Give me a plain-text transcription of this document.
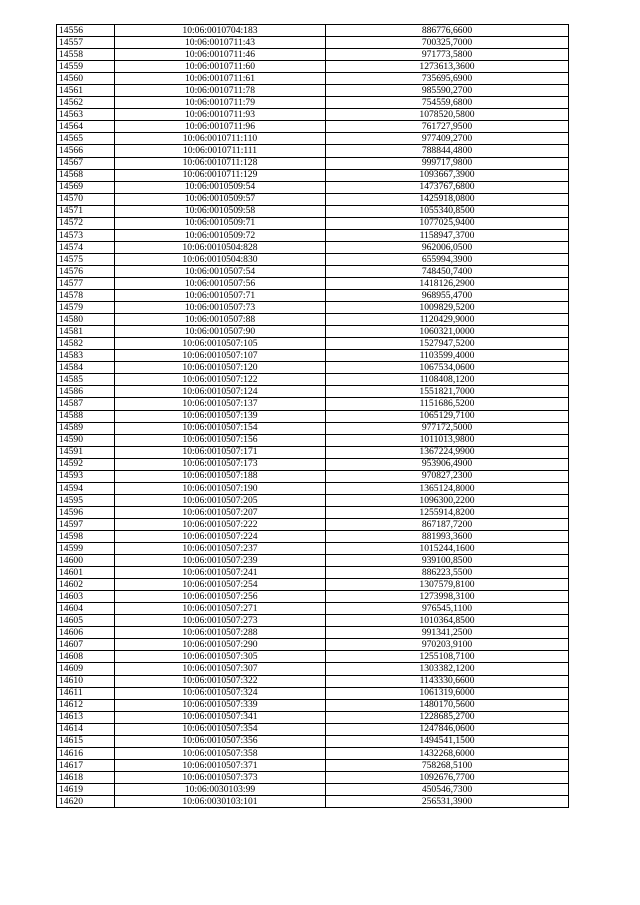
14556	10:06:0010704:183	886776,6600
14557	10:06:0010711:43	700325,7000
14558	10:06:0010711:46	971773,5800
14559	10:06:0010711:60	1273613,3600
14560	10:06:0010711:61	735695,6900
14561	10:06:0010711:78	985590,2700
14562	10:06:0010711:79	754559,6800
14563	10:06:0010711:93	1078520,5800
14564	10:06:0010711:96	761727,9500
14565	10:06:0010711:110	977409,2700
14566	10:06:0010711:111	788844,4800
14567	10:06:0010711:128	999717,9800
14568	10:06:0010711:129	1093667,3900
14569	10:06:0010509:54	1473767,6800
14570	10:06:0010509:57	1425918,0800
14571	10:06:0010509:58	1055340,8500
14572	10:06:0010509:71	1077025,9400
14573	10:06:0010509:72	1158947,3700
14574	10:06:0010504:828	962006,0500
14575	10:06:0010504:830	655994,3900
14576	10:06:0010507:54	748450,7400
14577	10:06:0010507:56	1418126,2900
14578	10:06:0010507:71	968955,4700
14579	10:06:0010507:73	1009829,5200
14580	10:06:0010507:88	1120429,9000
14581	10:06:0010507:90	1060321,0000
14582	10:06:0010507:105	1527947,5200
14583	10:06:0010507:107	1103599,4000
14584	10:06:0010507:120	1067534,0600
14585	10:06:0010507:122	1108408,1200
14586	10:06:0010507:124	1551821,7000
14587	10:06:0010507:137	1151686,5200
14588	10:06:0010507:139	1065129,7100
14589	10:06:0010507:154	977172,5000
14590	10:06:0010507:156	1011013,9800
14591	10:06:0010507:171	1367224,9900
14592	10:06:0010507:173	953906,4900
14593	10:06:0010507:188	970827,2300
14594	10:06:0010507:190	1365124,8000
14595	10:06:0010507:205	1096300,2200
14596	10:06:0010507:207	1255914,8200
14597	10:06:0010507:222	867187,7200
14598	10:06:0010507:224	881993,3600
14599	10:06:0010507:237	1015244,1600
14600	10:06:0010507:239	939100,8500
14601	10:06:0010507:241	886223,5500
14602	10:06:0010507:254	1307579,8100
14603	10:06:0010507:256	1273998,3100
14604	10:06:0010507:271	976545,1100
14605	10:06:0010507:273	1010364,8500
14606	10:06:0010507:288	991341,2500
14607	10:06:0010507:290	970203,9100
14608	10:06:0010507:305	1255108,7100
14609	10:06:0010507:307	1303382,1200
14610	10:06:0010507:322	1143330,6600
14611	10:06:0010507:324	1061319,6000
14612	10:06:0010507:339	1480170,5600
14613	10:06:0010507:341	1228685,2700
14614	10:06:0010507:354	1247846,0600
14615	10:06:0010507:356	1494541,1500
14616	10:06:0010507:358	1432268,6000
14617	10:06:0010507:371	758268,5100
14618	10:06:0010507:373	1092676,7700
14619	10:06:0030103:99	450546,7300
14620	10:06:0030103:101	256531,3900
